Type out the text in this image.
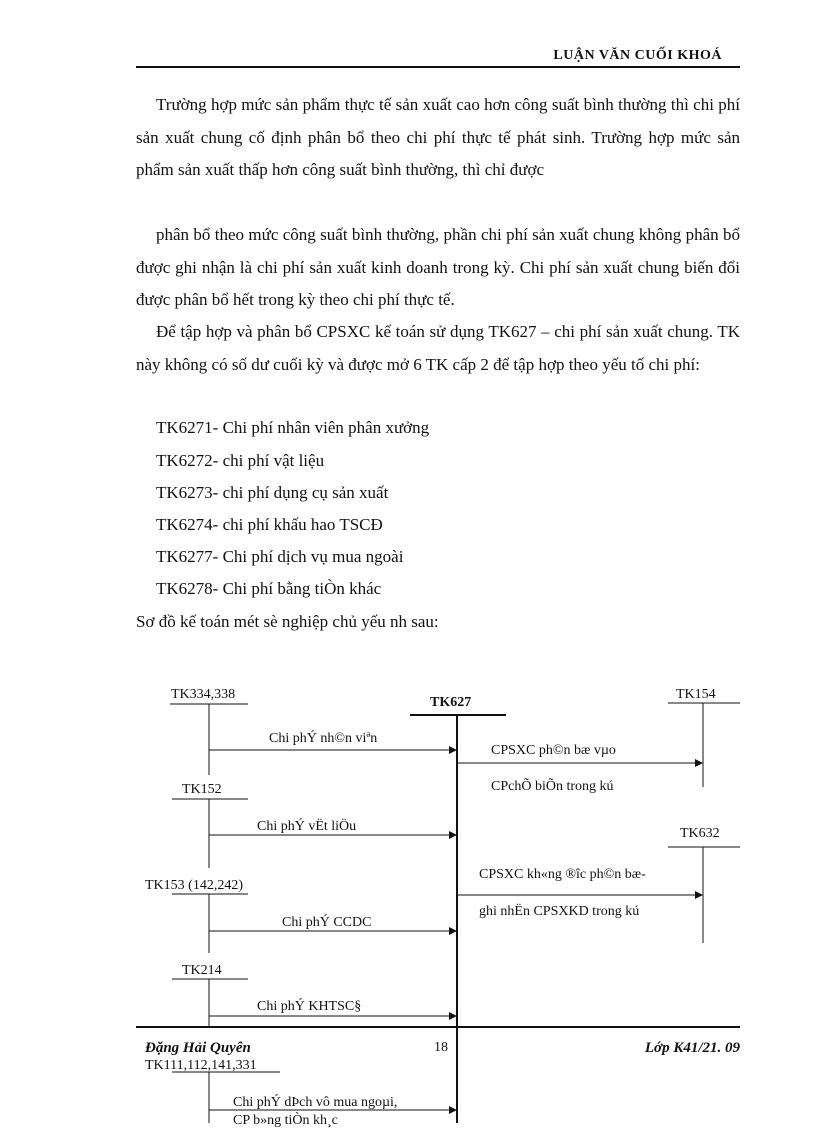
LUẬN VĂN CUỐI KHOÁ
Trường hợp mức sản phẩm thực tế sản xuất cao hơn công suất bình thường thì chi phí sản xuất chung cố định phân bổ theo chi phí thực tế phát sinh. Trường hợp mức sản phẩm sản xuất thấp hơn công suất bình thường, thì chỉ được
phân bổ theo mức công suất bình thường, phần chi phí sản xuất chung không phân bổ được ghi nhận là chi phí sản xuất kinh doanh trong kỳ. Chi phí sản xuất chung biến đổi được phân bổ hết trong kỳ theo chi phí thực tế.
Để tập hợp và phân bổ CPSXC kế toán sử dụng TK627 – chi phí sản xuất chung. TK này không có số dư cuối kỳ và được mở 6 TK cấp 2 để tập hợp theo yếu tố chi phí:
TK6271- Chi phí nhân viên phân xưởng
TK6272- chi phí vật liệu
TK6273- chi phí dụng cụ sản xuất
TK6274- chi phí khấu hao TSCĐ
TK6277- Chi phí dịch vụ mua ngoài
TK6278- Chi phí bằng tiÒn khác
Sơ đồ kế toán mét sè nghiệp chủ yếu nh sau:
TK334,338
TK627
TK154
TK152
TK632
TK153 (142,242)
TK214
TK111,112,141,331
Chi phÝ nh©n viªn
CPSXC ph©n bæ vµo
CPchÕ biÕn trong kú
Chi phÝ vËt liÖu
CPSXC kh«ng ®îc ph©n bæ-
ghi nhËn CPSXKD trong kú
Chi phÝ CCDC
Chi phÝ KHTSC§
Chi phÝ dÞch vô mua ngoµi,
CP b»ng tiÒn kh¸c
Đặng Hải Quyên	18	Lớp K41/21. 09
